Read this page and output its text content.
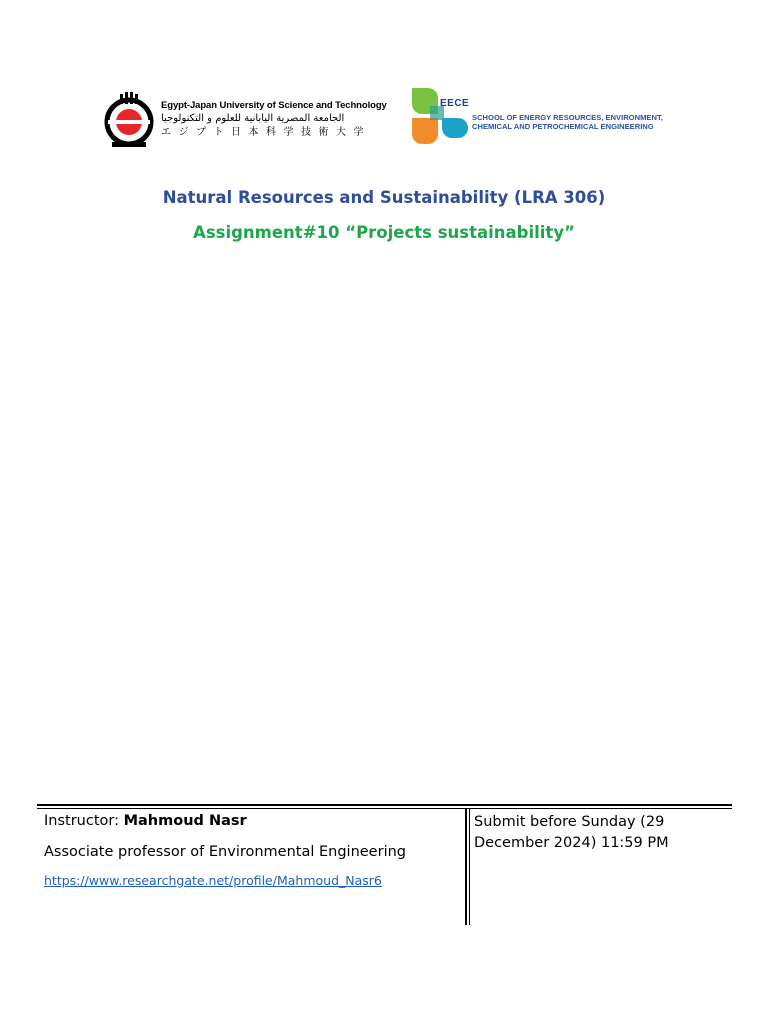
Egypt-Japan University of Science and Technology
الجامعة المصرية اليابانية للعلوم و التكنولوجيا
エジプト日本科学技術大学
EECE
SCHOOL OF ENERGY RESOURCES, ENVIRONMENT,
CHEMICAL AND PETROCHEMICAL ENGINEERING
Natural Resources and Sustainability (LRA 306)
Assignment#10 “Projects sustainability”
Instructor: Mahmoud Nasr
Associate professor of Environmental Engineering
https://www.researchgate.net/profile/Mahmoud_Nasr6
Submit before Sunday (29 December 2024) 11:59 PM
